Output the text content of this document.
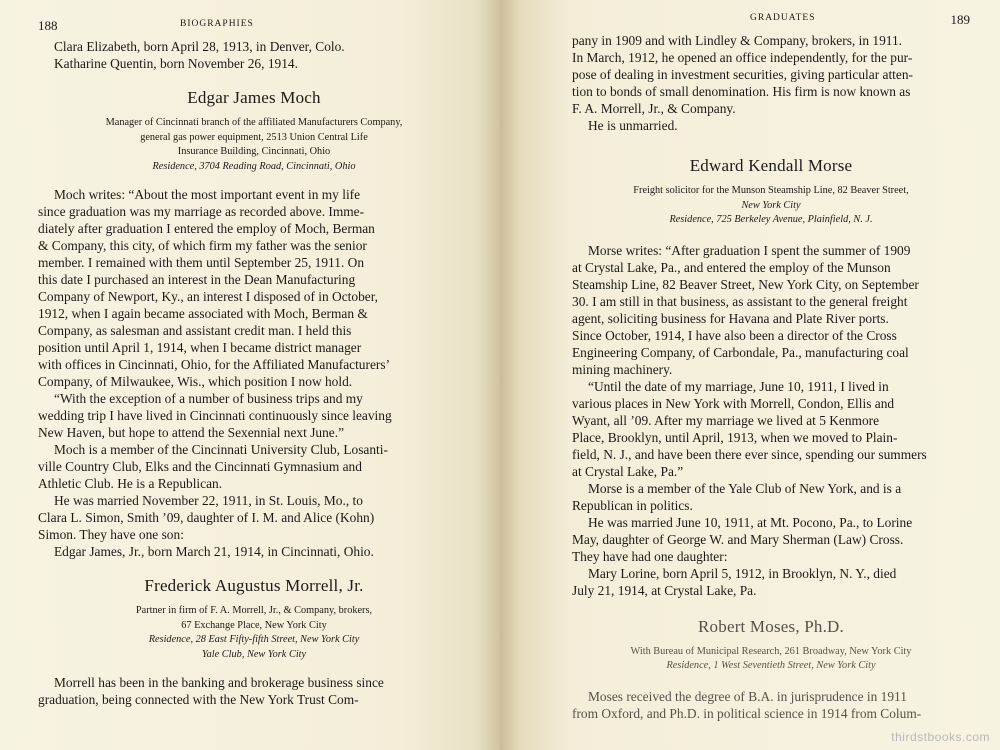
188	BIOGRAPHIES
Clara Elizabeth, born April 28, 1913, in Denver, Colo.
Katharine Quentin, born November 26, 1914.
Edgar James Moch
Manager of Cincinnati branch of the affiliated Manufacturers Company,
general gas power equipment, 2513 Union Central Life
Insurance Building, Cincinnati, Ohio
Residence, 3704 Reading Road, Cincinnati, Ohio
Moch writes: “About the most important event in my life
since graduation was my marriage as recorded above. Imme-
diately after graduation I entered the employ of Moch, Berman
& Company, this city, of which firm my father was the senior
member. I remained with them until September 25, 1911. On
this date I purchased an interest in the Dean Manufacturing
Company of Newport, Ky., an interest I disposed of in October,
1912, when I again became associated with Moch, Berman &
Company, as salesman and assistant credit man. I held this
position until April 1, 1914, when I became district manager
with offices in Cincinnati, Ohio, for the Affiliated Manufacturers’
Company, of Milwaukee, Wis., which position I now hold.
“With the exception of a number of business trips and my
wedding trip I have lived in Cincinnati continuously since leaving
New Haven, but hope to attend the Sexennial next June.”
Moch is a member of the Cincinnati University Club, Losanti-
ville Country Club, Elks and the Cincinnati Gymnasium and
Athletic Club. He is a Republican.
He was married November 22, 1911, in St. Louis, Mo., to
Clara L. Simon, Smith ’09, daughter of I. M. and Alice (Kohn)
Simon. They have one son:
Edgar James, Jr., born March 21, 1914, in Cincinnati, Ohio.
Frederick Augustus Morrell, Jr.
Partner in firm of F. A. Morrell, Jr., & Company, brokers,
67 Exchange Place, New York City
Residence, 28 East Fifty-fifth Street, New York City
Yale Club, New York City
Morrell has been in the banking and brokerage business since
graduation, being connected with the New York Trust Com-
GRADUATES	189
pany in 1909 and with Lindley & Company, brokers, in 1911.
In March, 1912, he opened an office independently, for the pur-
pose of dealing in investment securities, giving particular atten-
tion to bonds of small denomination. His firm is now known as
F. A. Morrell, Jr., & Company.
He is unmarried.
Edward Kendall Morse
Freight solicitor for the Munson Steamship Line, 82 Beaver Street,
New York City
Residence, 725 Berkeley Avenue, Plainfield, N. J.
Morse writes: “After graduation I spent the summer of 1909
at Crystal Lake, Pa., and entered the employ of the Munson
Steamship Line, 82 Beaver Street, New York City, on September
30. I am still in that business, as assistant to the general freight
agent, soliciting business for Havana and Plate River ports.
Since October, 1914, I have also been a director of the Cross
Engineering Company, of Carbondale, Pa., manufacturing coal
mining machinery.
“Until the date of my marriage, June 10, 1911, I lived in
various places in New York with Morrell, Condon, Ellis and
Wyant, all ’09. After my marriage we lived at 5 Kenmore
Place, Brooklyn, until April, 1913, when we moved to Plain-
field, N. J., and have been there ever since, spending our summers
at Crystal Lake, Pa.”
Morse is a member of the Yale Club of New York, and is a
Republican in politics.
He was married June 10, 1911, at Mt. Pocono, Pa., to Lorine
May, daughter of George W. and Mary Sherman (Law) Cross.
They have had one daughter:
Mary Lorine, born April 5, 1912, in Brooklyn, N. Y., died
July 21, 1914, at Crystal Lake, Pa.
Robert Moses, Ph.D.
With Bureau of Municipal Research, 261 Broadway, New York City
Residence, 1 West Seventieth Street, New York City
Moses received the degree of B.A. in jurisprudence in 1911
from Oxford, and Ph.D. in political science in 1914 from Colum-
thirdstbooks.com
